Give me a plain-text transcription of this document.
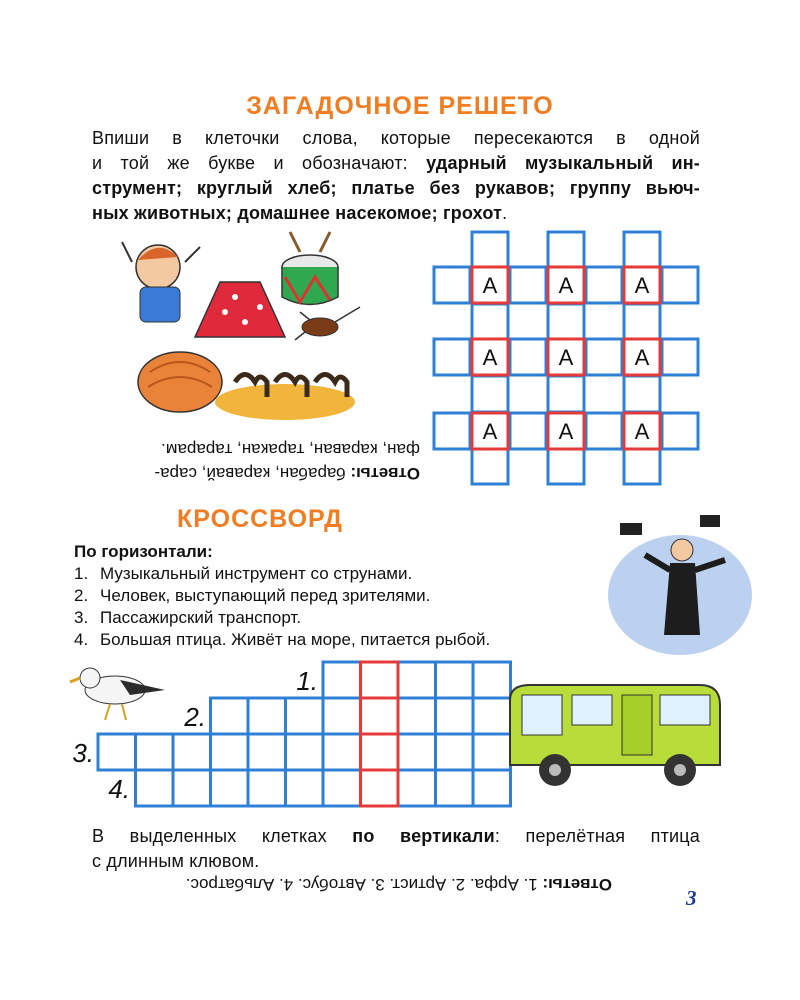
ЗАГАДОЧНОЕ РЕШЕТО
Впиши в клеточки слова, которые пересекаются в одной
и той же букве и обозначают: ударный музыкальный ин-
струмент; круглый хлеб; платье без рукавов; группу вьюч-
ных животных; домашнее насекомое; грохот.
А	А	А
А	А	А
А	А	А
Ответы: барабан, каравай, сара-
фан, караван, таракан, тарарам.
КРОССВОРД
По горизонтали:
1. Музыкальный инструмент со струнами.
2. Человек, выступающий перед зрителями.
3. Пассажирский транспорт.
4. Большая птица. Живёт на море, питается рыбой.
1.
2.
3.
4.
В выделенных клетках по вертикали: перелётная птица
с длинным клювом.
Ответы: 1. Арфа. 2. Артист. 3. Автобус. 4. Альбатрос.
3
